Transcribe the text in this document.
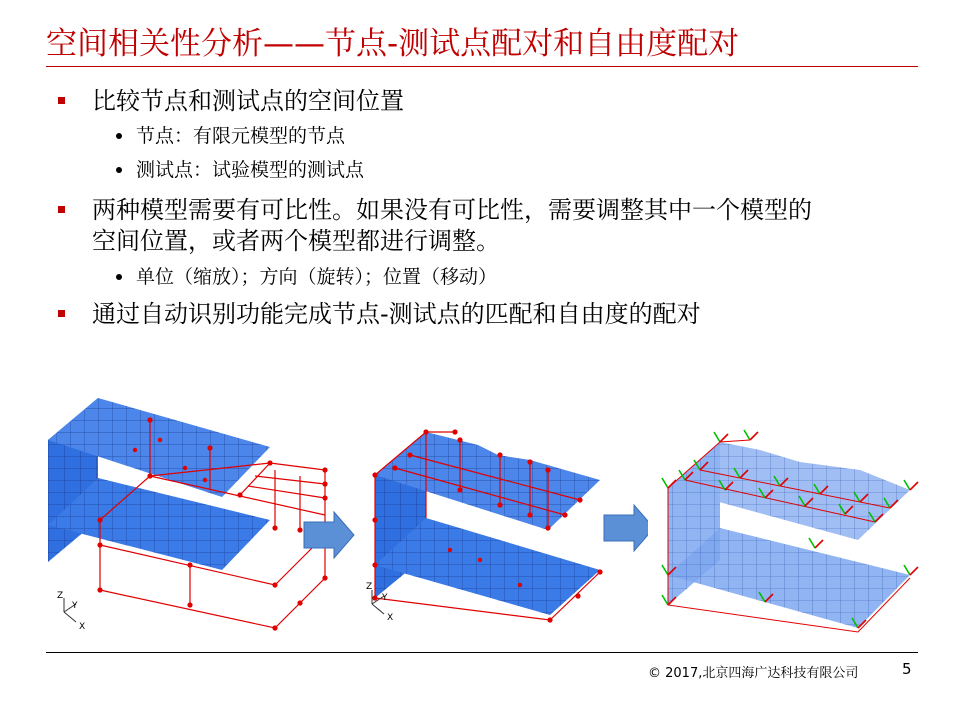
空间相关性分析——节点-测试点配对和自由度配对
比较节点和测试点的空间位置
节点：有限元模型的节点
测试点：试验模型的测试点
两种模型需要有可比性。如果没有可比性，需要调整其中一个模型的
空间位置，或者两个模型都进行调整。
单位（缩放）；方向（旋转）；位置（移动）
通过自动识别功能完成节点-测试点的匹配和自由度的配对
Z
Y
X
Z
Y
X
© 2017,北京四海广达科技有限公司	5
